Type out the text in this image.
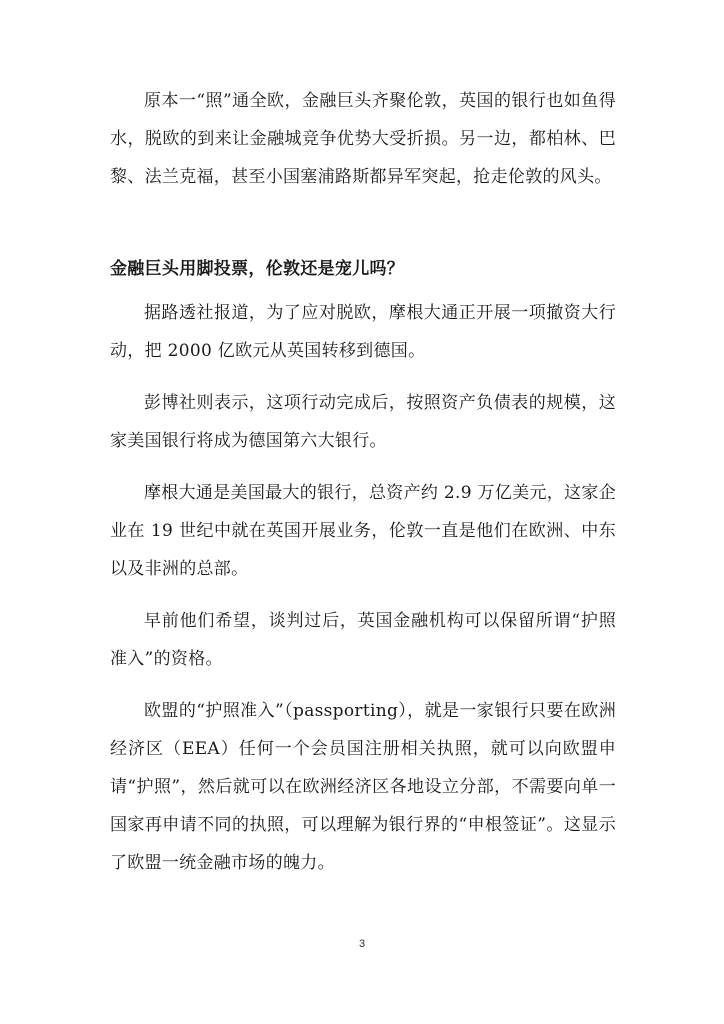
原本一“照”通全欧，金融巨头齐聚伦敦，英国的银行也如鱼得水，脱欧的到来让金融城竞争优势大受折损。另一边，都柏林、巴黎、法兰克福，甚至小国塞浦路斯都异军突起，抢走伦敦的风头。

金融巨头用脚投票，伦敦还是宠儿吗？

据路透社报道，为了应对脱欧，摩根大通正开展一项撤资大行动，把 2000 亿欧元从英国转移到德国。

彭博社则表示，这项行动完成后，按照资产负债表的规模，这家美国银行将成为德国第六大银行。

摩根大通是美国最大的银行，总资产约 2.9 万亿美元，这家企业在 19 世纪中就在英国开展业务，伦敦一直是他们在欧洲、中东以及非洲的总部。

早前他们希望，谈判过后，英国金融机构可以保留所谓“护照准入”的资格。

欧盟的“护照准入”（passporting），就是一家银行只要在欧洲经济区（EEA）任何一个会员国注册相关执照，就可以向欧盟申请“护照”，然后就可以在欧洲经济区各地设立分部，不需要向单一国家再申请不同的执照，可以理解为银行界的“申根签证”。这显示了欧盟一统金融市场的魄力。

3
